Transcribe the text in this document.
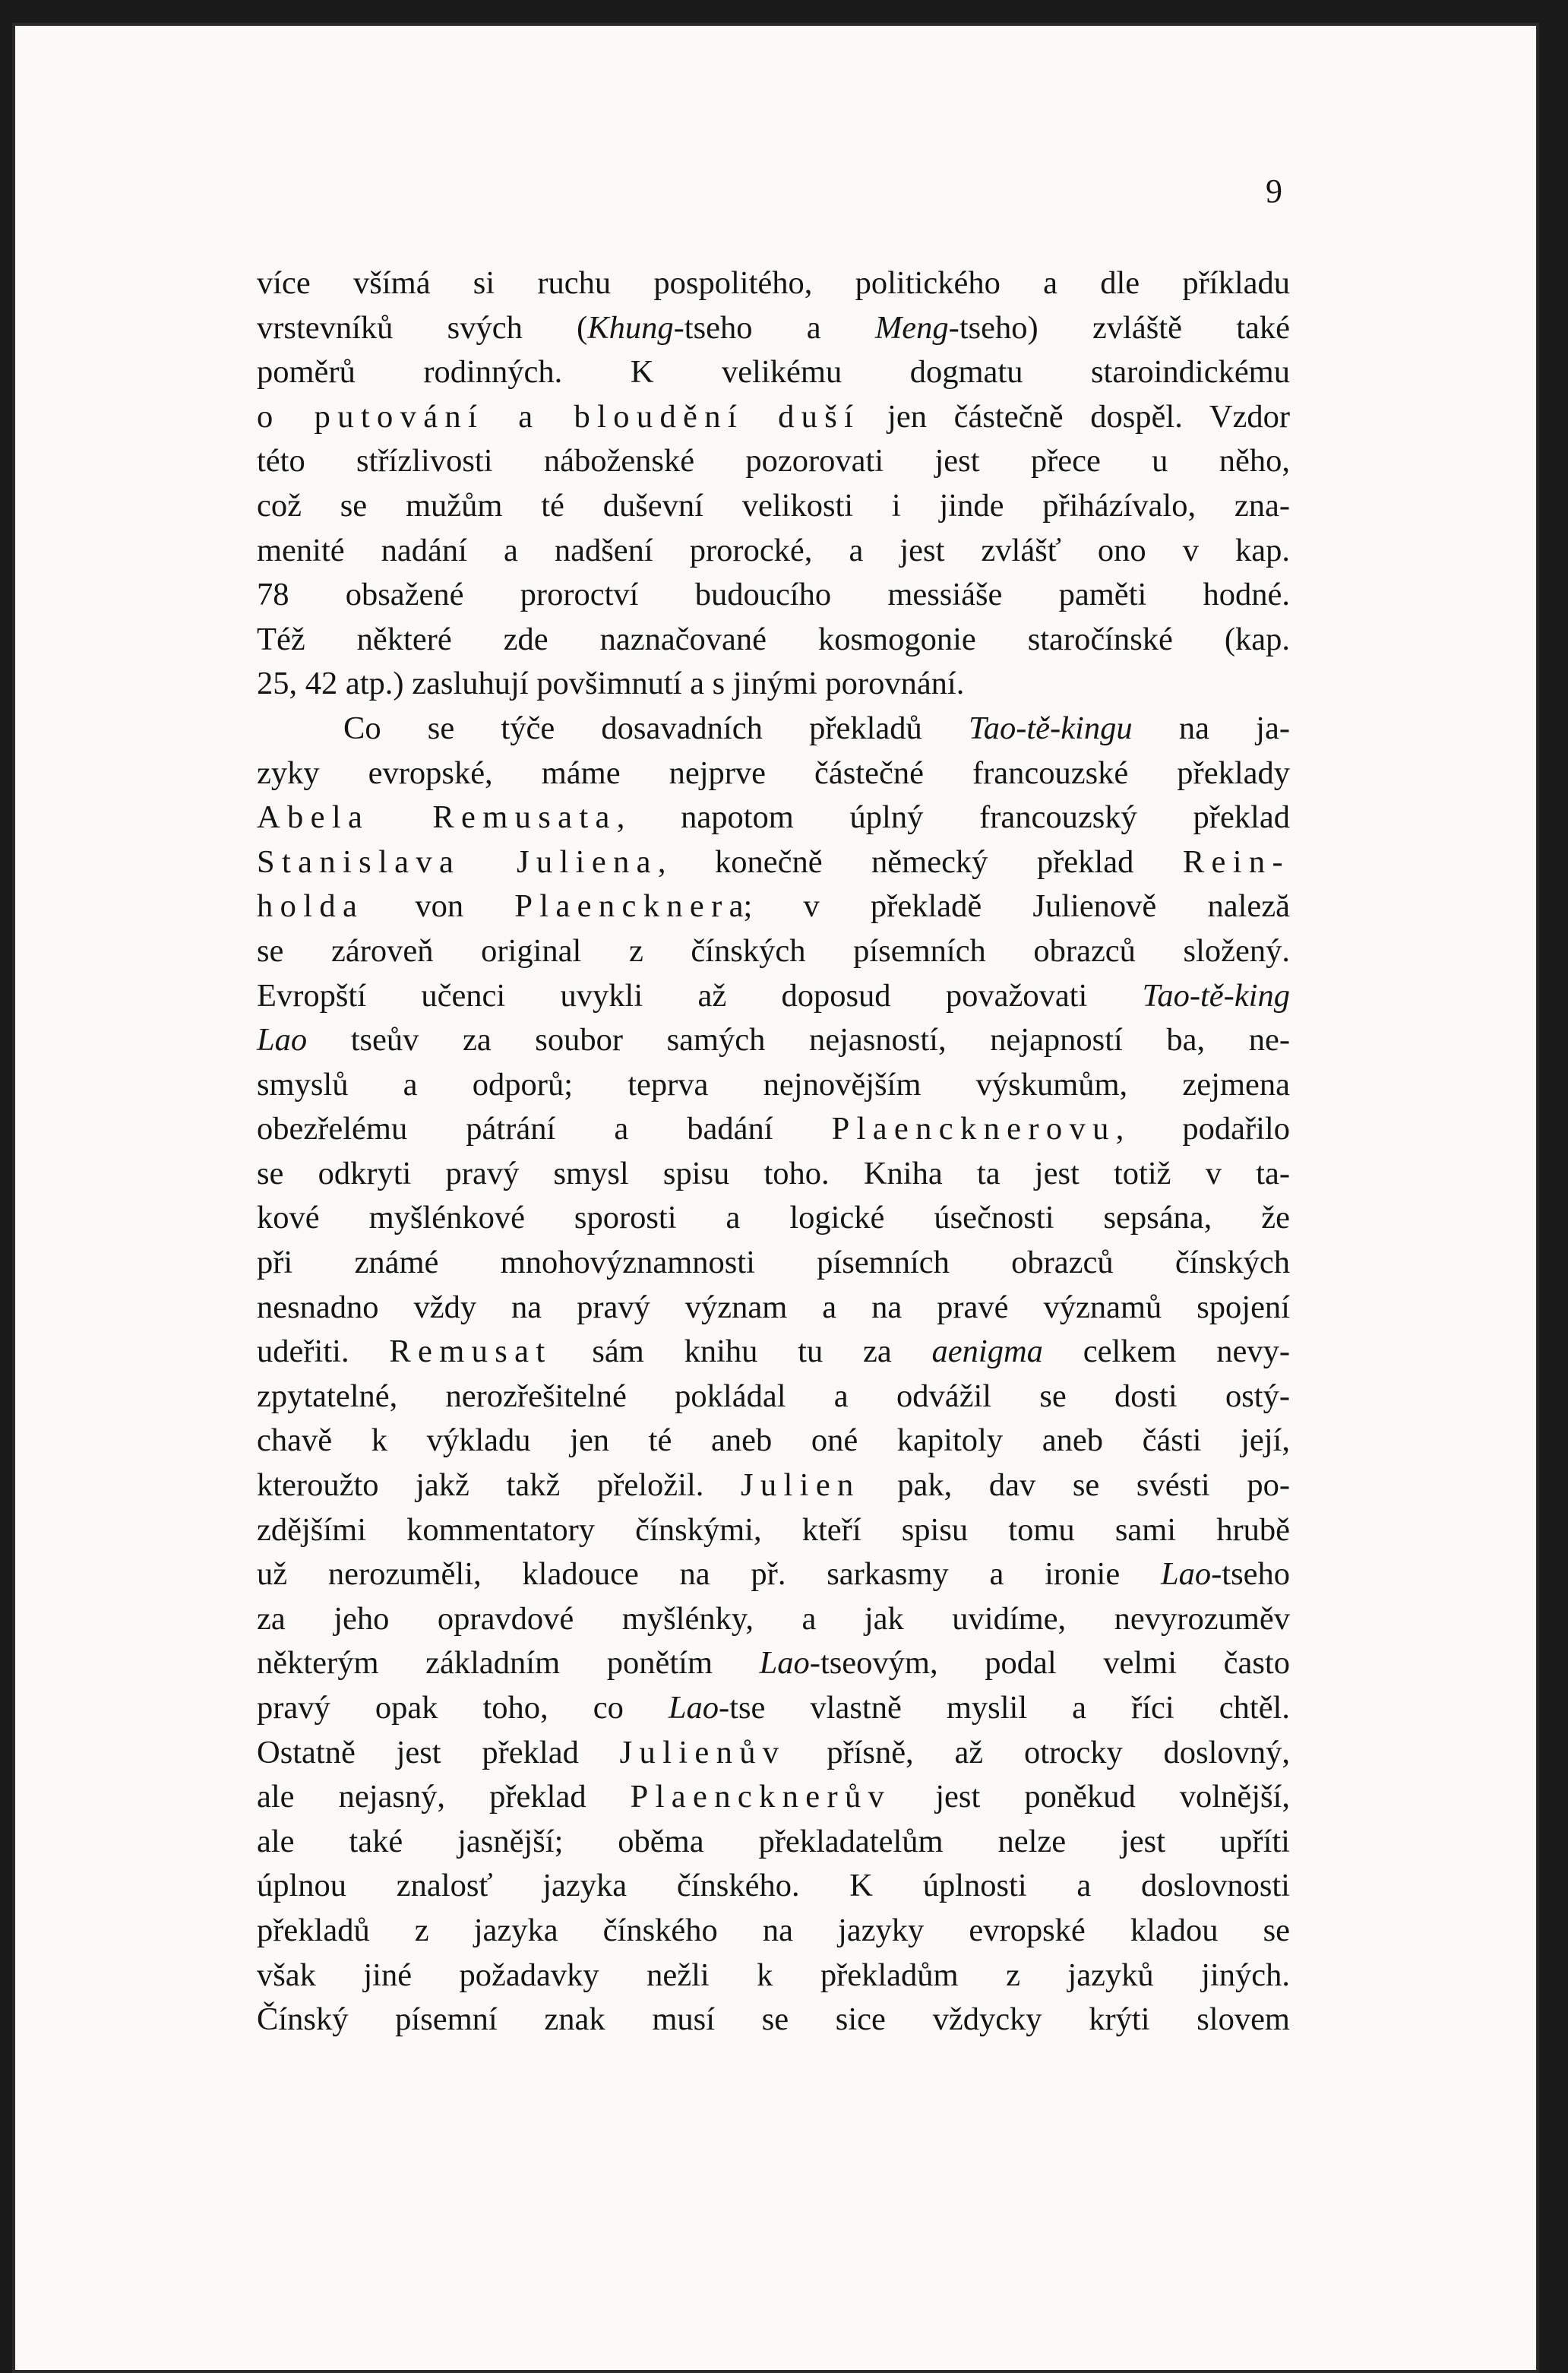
9
více všímá si ruchu pospolitého, politického a dle příkladu
vrstevníků svých (Khung-tseho a Meng-tseho) zvláště také
poměrů rodinných. K velikému dogmatu staroindickému
o putování a bloudění duší jen částečně dospěl. Vzdor
této střízlivosti náboženské pozorovati jest přece u něho,
což se mužům té duševní velikosti i jinde přiházívalo, zna-
menité nadání a nadšení prorocké, a jest zvlášť ono v kap.
78 obsažené proroctví budoucího messiáše paměti hodné.
Též některé zde naznačované kosmogonie staročínské (kap.
25, 42 atp.) zasluhují povšimnutí a s jinými porovnání.
Co se týče dosavadních překladů Tao-tě-kingu na ja-
zyky evropské, máme nejprve částečné francouzské překlady
Abela Remusata, napotom úplný francouzský překlad
Stanislava Juliena, konečně německý překlad Rein-
holda von Plaencknera; v překladě Julienově naleză
se zároveň original z čínských písemních obrazců složený.
Evropští učenci uvykli až doposud považovati Tao-tě-king
Lao tseův za soubor samých nejasností, nejapností ba, ne-
smyslů a odporů; teprva nejnovějším výskumům, zejmena
obezřelému pátrání a badání Plaencknerovu, podařilo
se odkryti pravý smysl spisu toho. Kniha ta jest totiž v ta-
kové myšlénkové sporosti a logické úsečnosti sepsána, že
při známé mnohovýznamnosti písemních obrazců čínských
nesnadno vždy na pravý význam a na pravé významů spojení
udeřiti. Remusat sám knihu tu za aenigma celkem nevy-
zpytatelné, nerozřešitelné pokládal a odvážil se dosti ostý-
chavě k výkladu jen té aneb oné kapitoly aneb části její,
kteroužto jakž takž přeložil. Julien pak, dav se svésti po-
zdějšími kommentatory čínskými, kteří spisu tomu sami hrubě
už nerozuměli, kladouce na př. sarkasmy a ironie Lao-tseho
za jeho opravdové myšlénky, a jak uvidíme, nevyrozuměv
některým základním ponětím Lao-tseovým, podal velmi často
pravý opak toho, co Lao-tse vlastně myslil a říci chtěl.
Ostatně jest překlad Julienův přísně, až otrocky doslovný,
ale nejasný, překlad Plaencknerův jest poněkud volnější,
ale také jasnější; oběma překladatelům nelze jest upříti
úplnou znalosť jazyka čínského. K úplnosti a doslovnosti
překladů z jazyka čínského na jazyky evropské kladou se
však jiné požadavky nežli k překladům z jazyků jiných.
Čínský písemní znak musí se sice vždycky krýti slovem
